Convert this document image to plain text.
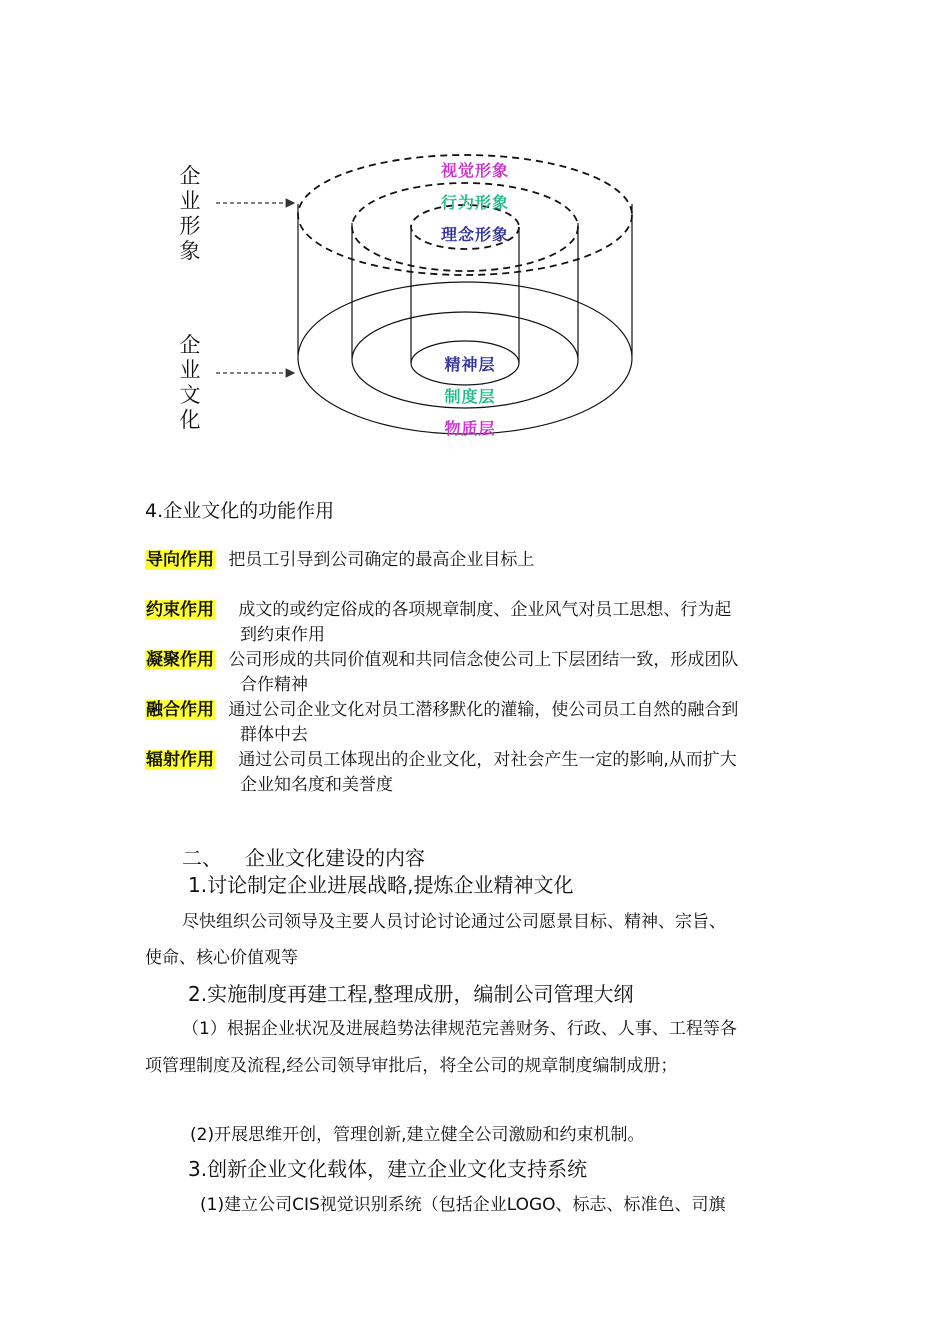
企业形象
企业文化
视觉形象
行为形象
理念形象
精神层
制度层
物质层
4.企业文化的功能作用
导向作用 把员工引导到公司确定的最高企业目标上
约束作用 成文的或约定俗成的各项规章制度、企业风气对员工思想、行为起
到约束作用
凝聚作用 公司形成的共同价值观和共同信念使公司上下层团结一致，形成团队
合作精神
融合作用 通过公司企业文化对员工潜移默化的灌输，使公司员工自然的融合到
群体中去
辐射作用 通过公司员工体现出的企业文化，对社会产生一定的影响,从而扩大
企业知名度和美誉度
二、 企业文化建设的内容
1.讨论制定企业进展战略,提炼企业精神文化
尽快组织公司领导及主要人员讨论讨论通过公司愿景目标、精神、宗旨、
使命、核心价值观等
2.实施制度再建工程,整理成册，编制公司管理大纲
（1）根据企业状况及进展趋势法律规范完善财务、行政、人事、工程等各
项管理制度及流程,经公司领导审批后，将全公司的规章制度编制成册；
(2)开展思维开创，管理创新,建立健全公司激励和约束机制。
3.创新企业文化载体，建立企业文化支持系统
(1)建立公司CIS视觉识别系统（包括企业LOGO、标志、标准色、司旗
